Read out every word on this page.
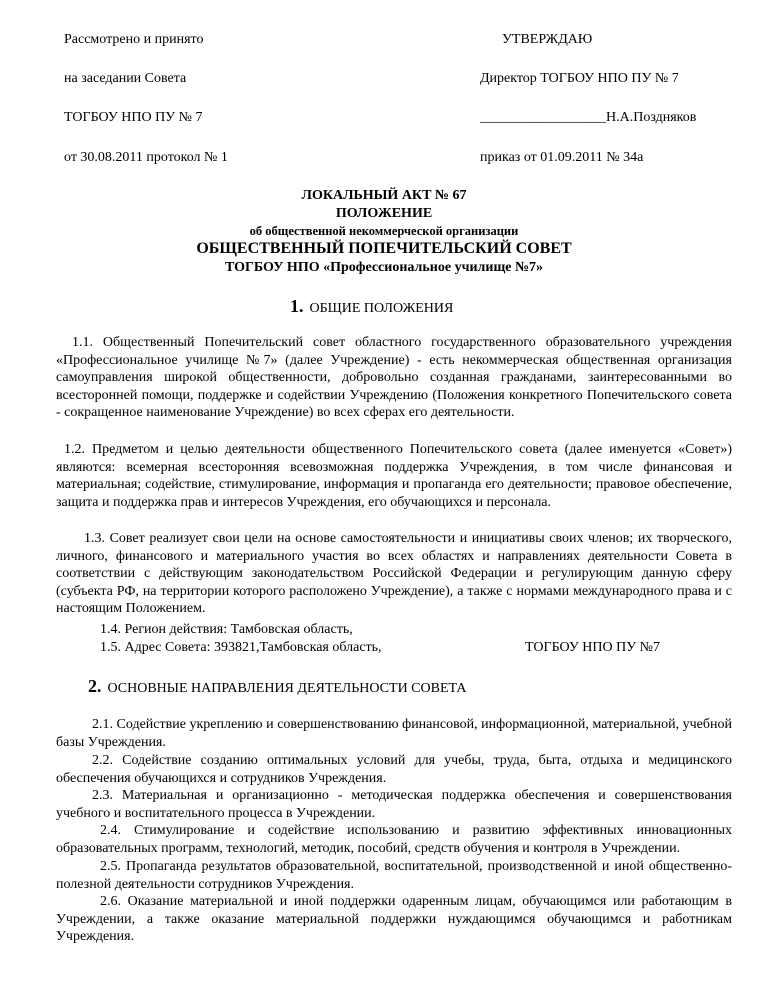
Рассмотрено и принято
на заседании Совета
ТОГБОУ НПО ПУ № 7
от 30.08.2011 протокол № 1
УТВЕРЖДАЮ
Директор ТОГБОУ НПО ПУ № 7
__________________Н.А.Поздняков
приказ от 01.09.2011 № 34а
ЛОКАЛЬНЫЙ АКТ № 67
ПОЛОЖЕНИЕ
об общественной некоммерческой организации
ОБЩЕСТВЕННЫЙ ПОПЕЧИТЕЛЬСКИЙ СОВЕТ
ТОГБОУ НПО «Профессиональное училище №7»
1. ОБЩИЕ ПОЛОЖЕНИЯ

1.1. Общественный Попечительский совет областного государственного образовательного учреждения «Профессиональное училище №7» (далее Учреждение) - есть некоммерческая общественная организация самоуправления широкой общественности, добровольно созданная гражданами, заинтересованными во всесторонней помощи, поддержке и содействии Учреждению (Положения конкретного Попечительского совета - сокращенное наименование Учреждение) во всех сферах его деятельности.

1.2. Предметом и целью деятельности общественного Попечительского совета (далее именуется «Совет») являются: всемерная всесторонняя всевозможная поддержка Учреждения, в том числе финансовая и материальная; содействие, стимулирование, информация и пропаганда его деятельности; правовое обеспечение, защита и поддержка прав и интересов Учреждения, его обучающихся и персонала.

1.3. Совет реализует свои цели на основе самостоятельности и инициативы своих членов; их творческого, личного, финансового и материального участия во всех областях и направлениях деятельности Совета в соответствии с действующим законодательством Российской Федерации и регулирующим данную сферу (субъекта РФ, на территории которого расположено Учреждение), а также с нормами международного права и с настоящим Положением.

1.4. Регион действия: Тамбовская область,
1.5. Адрес Совета: 393821,Тамбовская область,	ТОГБОУ НПО ПУ №7
2. ОСНОВНЫЕ НАПРАВЛЕНИЯ ДЕЯТЕЛЬНОСТИ СОВЕТА

2.1. Содействие укреплению и совершенствованию финансовой, информационной, материальной, учебной базы Учреждения.

2.2. Содействие созданию оптимальных условий для учебы, труда, быта, отдыха и медицинского обеспечения обучающихся и сотрудников Учреждения.

2.3. Материальная и организационно - методическая поддержка обеспечения и совершенствования учебного и воспитательного процесса в Учреждении.

2.4. Стимулирование и содействие использованию и развитию эффективных инновационных образовательных программ, технологий, методик, пособий, средств обучения и контроля в Учреждении.

2.5. Пропаганда результатов образовательной, воспитательной, производственной и иной общественно-полезной деятельности сотрудников Учреждения.

2.6. Оказание материальной и иной поддержки одаренным лицам, обучающимся или работающим в Учреждении, а также оказание материальной поддержки нуждающимся обучающимся и работникам Учреждения.
